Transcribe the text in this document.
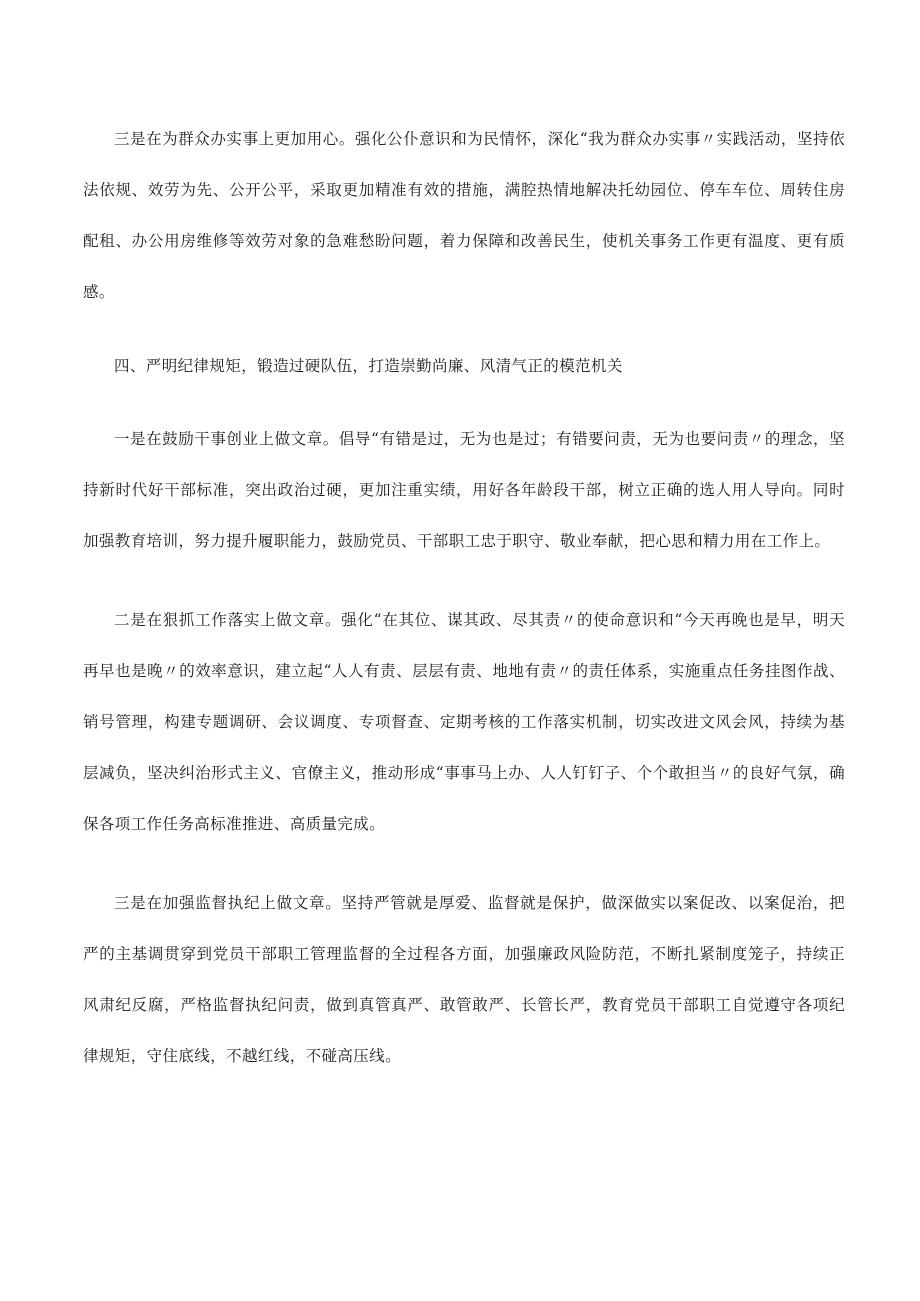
三是在为群众办实事上更加用心。强化公仆意识和为民情怀，深化“我为群众办实事〃实践活动，坚持依法依规、效劳为先、公开公平，采取更加精准有效的措施，满腔热情地解决托幼园位、停车车位、周转住房配租、办公用房维修等效劳对象的急难愁盼问题，着力保障和改善民生，使机关事务工作更有温度、更有质感。

四、严明纪律规矩，锻造过硬队伍，打造崇勤尚廉、风清气正的模范机关

一是在鼓励干事创业上做文章。倡导“有错是过，无为也是过；有错要问责，无为也要问责〃的理念，坚持新时代好干部标准，突出政治过硬，更加注重实绩，用好各年龄段干部，树立正确的选人用人导向。同时加强教育培训，努力提升履职能力，鼓励党员、干部职工忠于职守、敬业奉献，把心思和精力用在工作上。

二是在狠抓工作落实上做文章。强化“在其位、谋其政、尽其责〃的使命意识和“今天再晚也是早，明天再早也是晚〃的效率意识，建立起“人人有责、层层有责、地地有责〃的责任体系，实施重点任务挂图作战、销号管理，构建专题调研、会议调度、专项督查、定期考核的工作落实机制，切实改进文风会风，持续为基层减负，坚决纠治形式主义、官僚主义，推动形成“事事马上办、人人钉钉子、个个敢担当〃的良好气氛，确保各项工作任务高标准推进、高质量完成。

三是在加强监督执纪上做文章。坚持严管就是厚爱、监督就是保护，做深做实以案促改、以案促治，把严的主基调贯穿到党员干部职工管理监督的全过程各方面，加强廉政风险防范，不断扎紧制度笼子，持续正风肃纪反腐，严格监督执纪问责，做到真管真严、敢管敢严、长管长严，教育党员干部职工自觉遵守各项纪律规矩，守住底线，不越红线，不碰高压线。
